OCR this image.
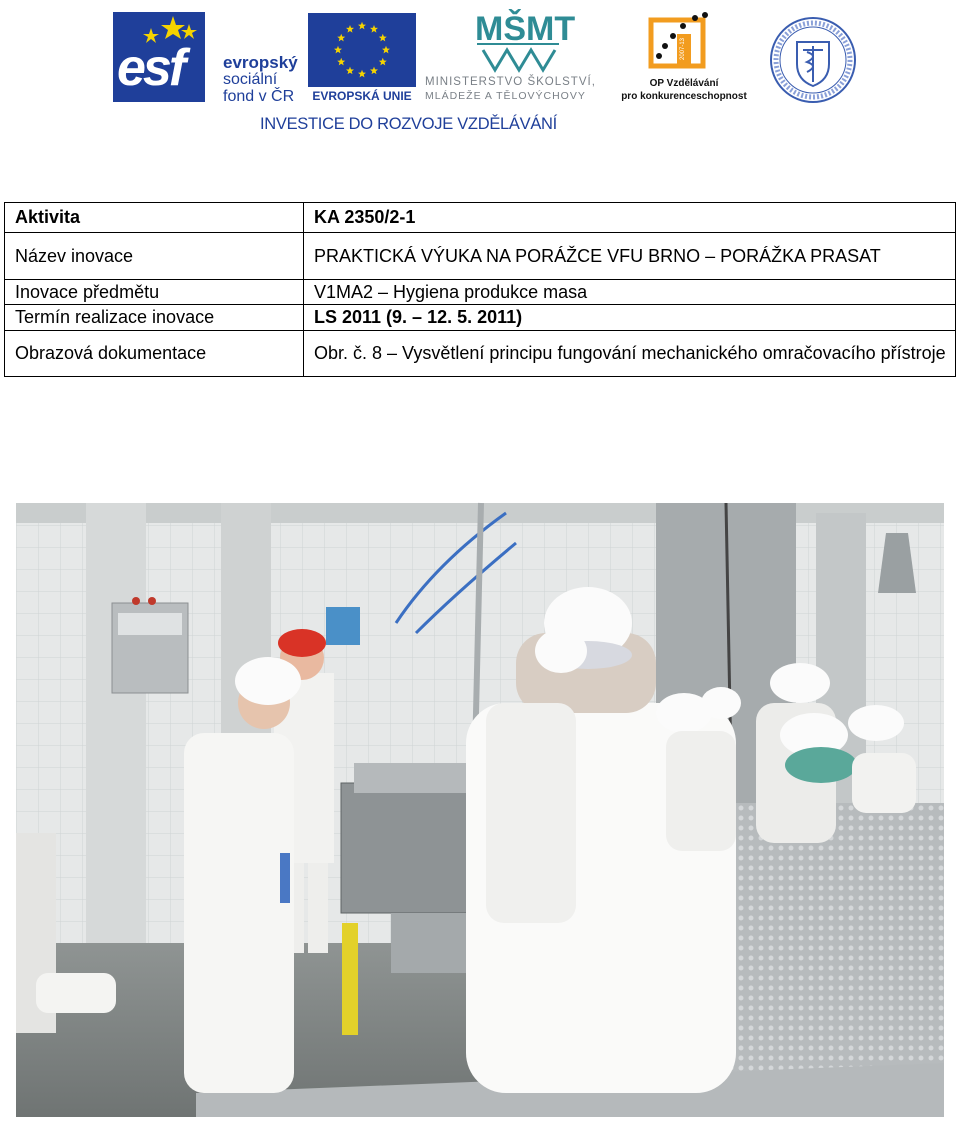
esf evropský
sociální
fond v ČR	EVROPSKÁ UNIE
MŠMT
MINISTERSTVO ŠKOLSTVÍ,
MLÁDEŽE A TĚLOVÝCHOVY
2007-13
OP Vzdělávání
pro konkurenceschopnost
INVESTICE DO ROZVOJE VZDĚLÁVÁNÍ
Aktivita	KA 2350/2-1
Název inovace	PRAKTICKÁ VÝUKA NA PORÁŽCE VFU BRNO – PORÁŽKA PRASAT
Inovace předmětu	V1MA2 – Hygiena produkce masa
Termín realizace inovace	LS 2011 (9. – 12. 5. 2011)
Obrazová dokumentace	Obr. č. 8 – Vysvětlení principu fungování mechanického omračovacího přístroje
